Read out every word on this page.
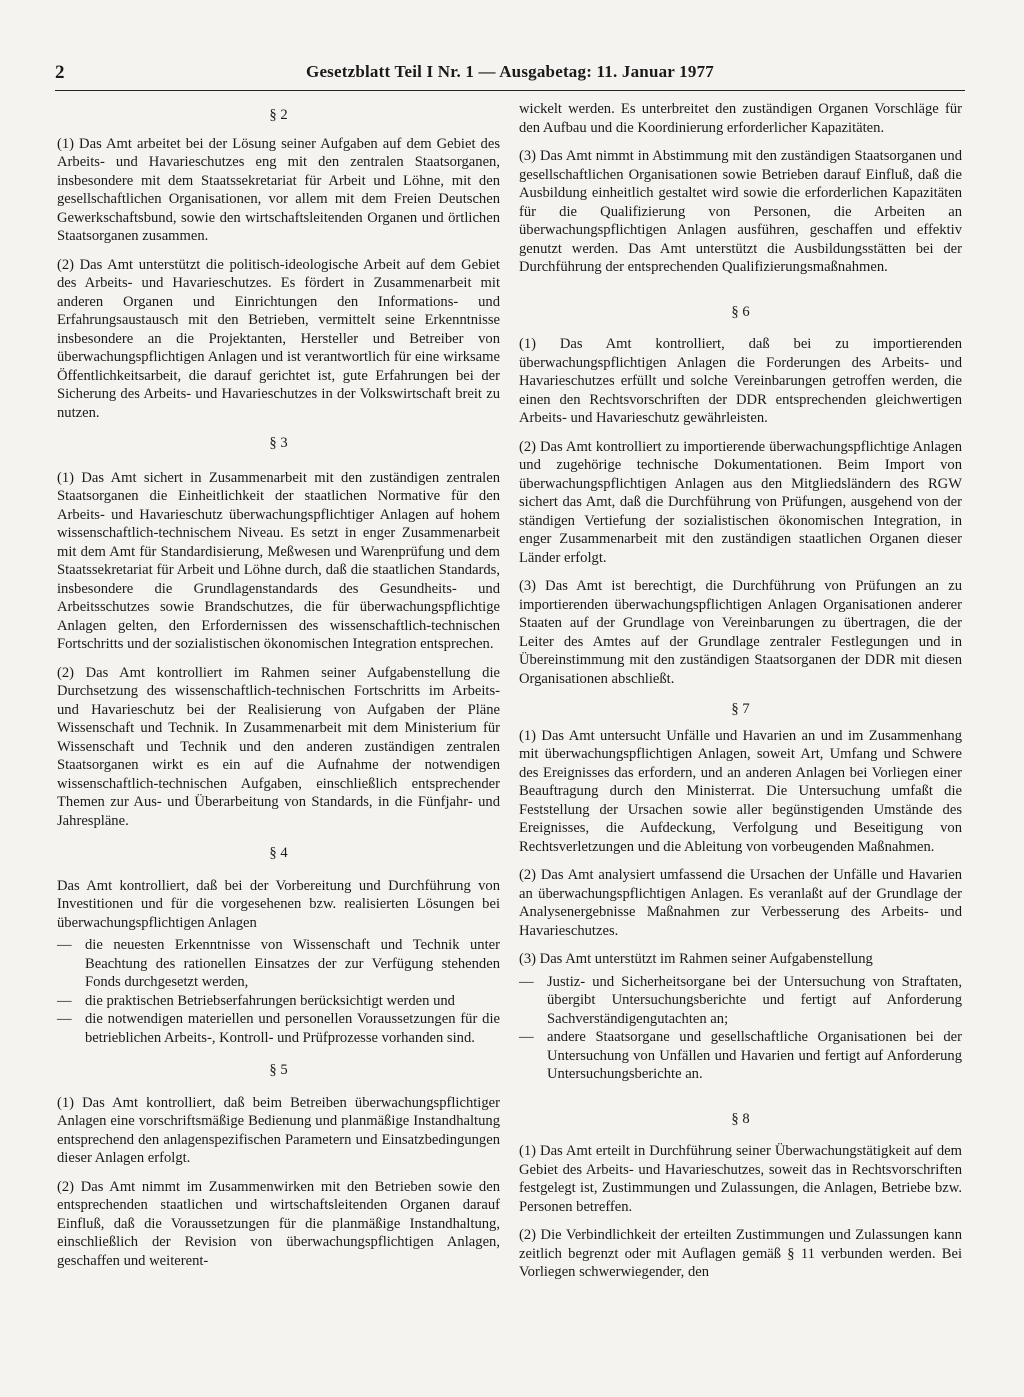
2	Gesetzblatt Teil I Nr. 1 — Ausgabetag: 11. Januar 1977
§ 2

(1) Das Amt arbeitet bei der Lösung seiner Aufgaben auf dem Gebiet des Arbeits- und Havarieschutzes eng mit den zentralen Staatsorganen, insbesondere mit dem Staatssekretariat für Arbeit und Löhne, mit den gesellschaftlichen Organisationen, vor allem mit dem Freien Deutschen Gewerkschaftsbund, sowie den wirtschaftsleitenden Organen und örtlichen Staatsorganen zusammen.

(2) Das Amt unterstützt die politisch-ideologische Arbeit auf dem Gebiet des Arbeits- und Havarieschutzes. Es fördert in Zusammenarbeit mit anderen Organen und Einrichtungen den Informations- und Erfahrungsaustausch mit den Betrieben, vermittelt seine Erkenntnisse insbesondere an die Projektanten, Hersteller und Betreiber von überwachungspflichtigen Anlagen und ist verantwortlich für eine wirksame Öffentlichkeitsarbeit, die darauf gerichtet ist, gute Erfahrungen bei der Sicherung des Arbeits- und Havarieschutzes in der Volkswirtschaft breit zu nutzen.

§ 3

(1) Das Amt sichert in Zusammenarbeit mit den zuständigen zentralen Staatsorganen die Einheitlichkeit der staatlichen Normative für den Arbeits- und Havarieschutz überwachungspflichtiger Anlagen auf hohem wissenschaftlich-technischem Niveau. Es setzt in enger Zusammenarbeit mit dem Amt für Standardisierung, Meßwesen und Warenprüfung und dem Staatssekretariat für Arbeit und Löhne durch, daß die staatlichen Standards, insbesondere die Grundlagenstandards des Gesundheits- und Arbeitsschutzes sowie Brandschutzes, die für überwachungspflichtige Anlagen gelten, den Erfordernissen des wissenschaftlich-technischen Fortschritts und der sozialistischen ökonomischen Integration entsprechen.

(2) Das Amt kontrolliert im Rahmen seiner Aufgabenstellung die Durchsetzung des wissenschaftlich-technischen Fortschritts im Arbeits- und Havarieschutz bei der Realisierung von Aufgaben der Pläne Wissenschaft und Technik. In Zusammenarbeit mit dem Ministerium für Wissenschaft und Technik und den anderen zuständigen zentralen Staatsorganen wirkt es ein auf die Aufnahme der notwendigen wissenschaftlich-technischen Aufgaben, einschließlich entsprechender Themen zur Aus- und Überarbeitung von Standards, in die Fünfjahr- und Jahrespläne.

§ 4

Das Amt kontrolliert, daß bei der Vorbereitung und Durchführung von Investitionen und für die vorgesehenen bzw. realisierten Lösungen bei überwachungspflichtigen Anlagen

— die neuesten Erkenntnisse von Wissenschaft und Technik unter Beachtung des rationellen Einsatzes der zur Verfügung stehenden Fonds durchgesetzt werden,
— die praktischen Betriebserfahrungen berücksichtigt werden und
— die notwendigen materiellen und personellen Voraussetzungen für die betrieblichen Arbeits-, Kontroll- und Prüfprozesse vorhanden sind.
§ 5

(1) Das Amt kontrolliert, daß beim Betreiben überwachungspflichtiger Anlagen eine vorschriftsmäßige Bedienung und planmäßige Instandhaltung entsprechend den anlagenspezifischen Parametern und Einsatzbedingungen dieser Anlagen erfolgt.

(2) Das Amt nimmt im Zusammenwirken mit den Betrieben sowie den entsprechenden staatlichen und wirtschaftsleitenden Organen darauf Einfluß, daß die Voraussetzungen für die planmäßige Instandhaltung, einschließlich der Revision von überwachungspflichtigen Anlagen, geschaffen und weiterent-

wickelt werden. Es unterbreitet den zuständigen Organen Vorschläge für den Aufbau und die Koordinierung erforderlicher Kapazitäten.

(3) Das Amt nimmt in Abstimmung mit den zuständigen Staatsorganen und gesellschaftlichen Organisationen sowie Betrieben darauf Einfluß, daß die Ausbildung einheitlich gestaltet wird sowie die erforderlichen Kapazitäten für die Qualifizierung von Personen, die Arbeiten an überwachungspflichtigen Anlagen ausführen, geschaffen und effektiv genutzt werden. Das Amt unterstützt die Ausbildungsstätten bei der Durchführung der entsprechenden Qualifizierungsmaßnahmen.

§ 6

(1) Das Amt kontrolliert, daß bei zu importierenden überwachungspflichtigen Anlagen die Forderungen des Arbeits- und Havarieschutzes erfüllt und solche Vereinbarungen getroffen werden, die einen den Rechtsvorschriften der DDR entsprechenden gleichwertigen Arbeits- und Havarieschutz gewährleisten.

(2) Das Amt kontrolliert zu importierende überwachungspflichtige Anlagen und zugehörige technische Dokumentationen. Beim Import von überwachungspflichtigen Anlagen aus den Mitgliedsländern des RGW sichert das Amt, daß die Durchführung von Prüfungen, ausgehend von der ständigen Vertiefung der sozialistischen ökonomischen Integration, in enger Zusammenarbeit mit den zuständigen staatlichen Organen dieser Länder erfolgt.

(3) Das Amt ist berechtigt, die Durchführung von Prüfungen an zu importierenden überwachungspflichtigen Anlagen Organisationen anderer Staaten auf der Grundlage von Vereinbarungen zu übertragen, die der Leiter des Amtes auf der Grundlage zentraler Festlegungen und in Übereinstimmung mit den zuständigen Staatsorganen der DDR mit diesen Organisationen abschließt.

§ 7

(1) Das Amt untersucht Unfälle und Havarien an und im Zusammenhang mit überwachungspflichtigen Anlagen, soweit Art, Umfang und Schwere des Ereignisses das erfordern, und an anderen Anlagen bei Vorliegen einer Beauftragung durch den Ministerrat. Die Untersuchung umfaßt die Feststellung der Ursachen sowie aller begünstigenden Umstände des Ereignisses, die Aufdeckung, Verfolgung und Beseitigung von Rechtsverletzungen und die Ableitung von vorbeugenden Maßnahmen.

(2) Das Amt analysiert umfassend die Ursachen der Unfälle und Havarien an überwachungspflichtigen Anlagen. Es veranlaßt auf der Grundlage der Analysenergebnisse Maßnahmen zur Verbesserung des Arbeits- und Havarieschutzes.

(3) Das Amt unterstützt im Rahmen seiner Aufgabenstellung

— Justiz- und Sicherheitsorgane bei der Untersuchung von Straftaten, übergibt Untersuchungsberichte und fertigt auf Anforderung Sachverständigengutachten an;
— andere Staatsorgane und gesellschaftliche Organisationen bei der Untersuchung von Unfällen und Havarien und fertigt auf Anforderung Untersuchungsberichte an.
§ 8

(1) Das Amt erteilt in Durchführung seiner Überwachungstätigkeit auf dem Gebiet des Arbeits- und Havarieschutzes, soweit das in Rechtsvorschriften festgelegt ist, Zustimmungen und Zulassungen, die Anlagen, Betriebe bzw. Personen betreffen.

(2) Die Verbindlichkeit der erteilten Zustimmungen und Zulassungen kann zeitlich begrenzt oder mit Auflagen gemäß § 11 verbunden werden. Bei Vorliegen schwerwiegender, den
